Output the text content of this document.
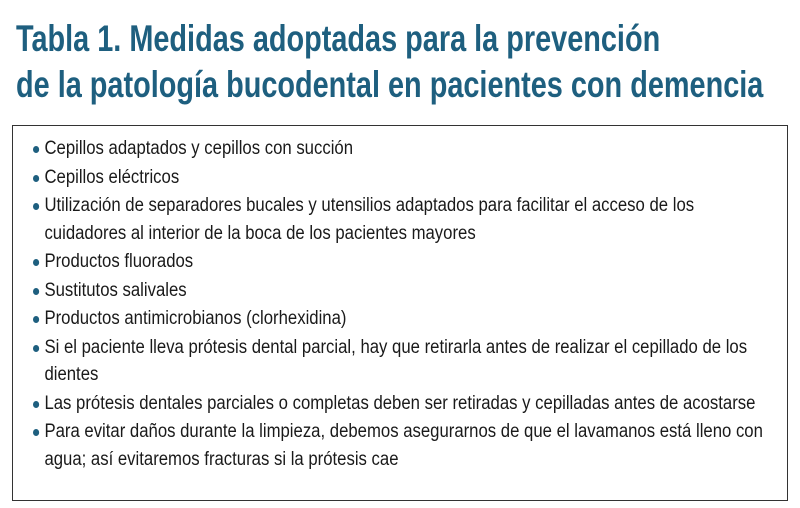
Tabla 1. Medidas adoptadas para la prevención
de la patología bucodental en pacientes con demencia
Cepillos adaptados y cepillos con succión
Cepillos eléctricos
Utilización de separadores bucales y utensilios adaptados para facilitar el acceso de los cuidadores al interior de la boca de los pacientes mayores
Productos fluorados
Sustitutos salivales
Productos antimicrobianos (clorhexidina)
Si el paciente lleva prótesis dental parcial, hay que retirarla antes de realizar el cepillado de los dientes
Las prótesis dentales parciales o completas deben ser retiradas y cepilladas antes de acostarse
Para evitar daños durante la limpieza, debemos asegurarnos de que el lavamanos está lleno con agua; así evitaremos fracturas si la prótesis cae
